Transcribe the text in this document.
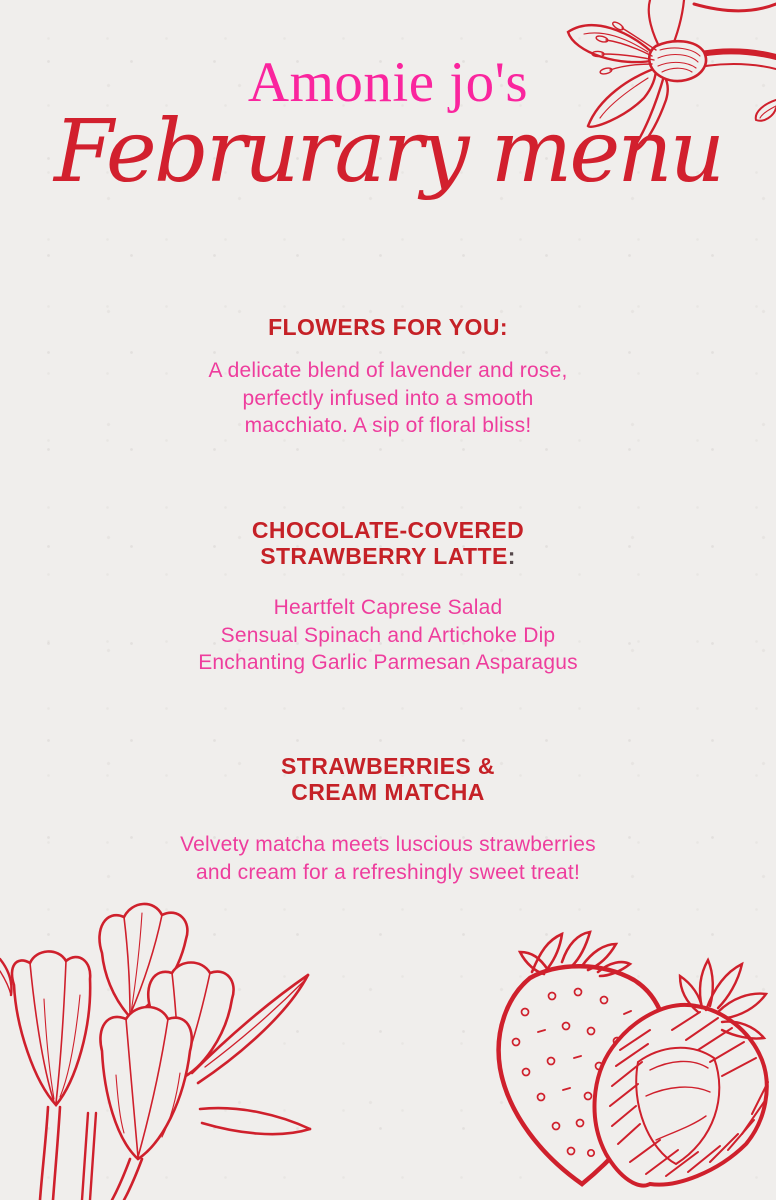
Amonie jo's
Februrary menu
FLOWERS FOR YOU:
A delicate blend of lavender and rose,
perfectly infused into a smooth
macchiato. A sip of floral bliss!
CHOCOLATE-COVERED
STRAWBERRY LATTE:
Heartfelt Caprese Salad
Sensual Spinach and Artichoke Dip
Enchanting Garlic Parmesan Asparagus
STRAWBERRIES &
CREAM MATCHA
Velvety matcha meets luscious strawberries
and cream for a refreshingly sweet treat!
